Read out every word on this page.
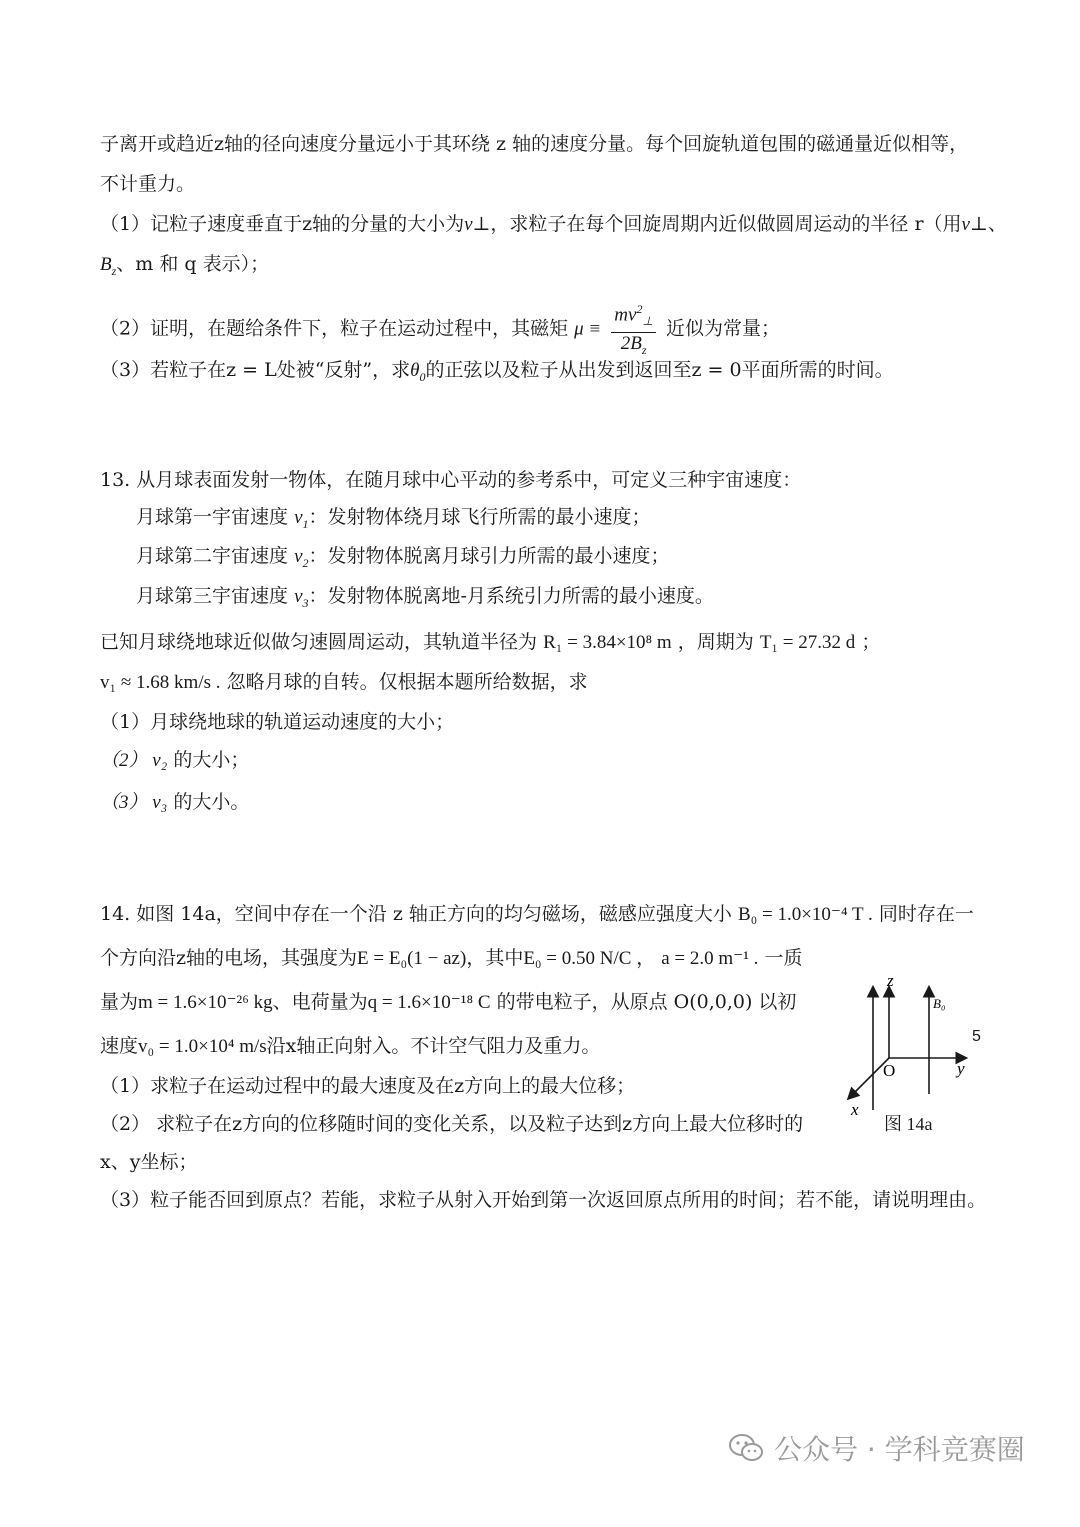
子离开或趋近z轴的径向速度分量远小于其环绕 z 轴的速度分量。每个回旋轨道包围的磁通量近似相等，
不计重力。
（1）记粒子速度垂直于z轴的分量的大小为v⊥，求粒子在每个回旋周期内近似做圆周运动的半径 r（用v⊥、
$B_z$、m 和 q 表示）；
（2）证明，在题给条件下，粒子在运动过程中，其磁矩 $\mu \equiv \frac{mv^2_\perp}{2B_z}$ 近似为常量；
（3）若粒子在z = L处被“反射”，求$\theta_0$的正弦以及粒子从出发到返回至z = 0平面所需的时间。
13. 从月球表面发射一物体，在随月球中心平动的参考系中，可定义三种宇宙速度：
月球第一宇宙速度 $v_1$：发射物体绕月球飞行所需的最小速度；
月球第二宇宙速度 $v_2$：发射物体脱离月球引力所需的最小速度；
月球第三宇宙速度 $v_3$：发射物体脱离地-月系统引力所需的最小速度。
已知月球绕地球近似做匀速圆周运动，其轨道半径为 R₁ = 3.84×10⁸ m ，周期为 T₁ = 27.32 d ；
v₁ ≈ 1.68 km/s . 忽略月球的自转。仅根据本题所给数据，求
（1）月球绕地球的轨道运动速度的大小；
（2） v₂ 的大小；
（3） v₃ 的大小。
14. 如图 14a，空间中存在一个沿 z 轴正方向的均匀磁场，磁感应强度大小 B₀ = 1.0×10⁻⁴ T . 同时存在一
个方向沿z轴的电场，其强度为E = E₀(1 − az)，其中E₀ = 0.50 N/C ， a = 2.0 m⁻¹ . 一质
量为m = 1.6×10⁻²⁶ kg、电荷量为q = 1.6×10⁻¹⁸ C 的带电粒子，从原点 O(0,0,0) 以初
速度v₀ = 1.0×10⁴ m/s沿x轴正向射入。不计空气阻力及重力。
（1）求粒子在运动过程中的最大速度及在z方向上的最大位移；
（2） 求粒子在z方向的位移随时间的变化关系，以及粒子达到z方向上最大位移时的
x、y坐标；
（3）粒子能否回到原点？若能，求粒子从射入开始到第一次返回原点所用的时间；若不能，请说明理由。
z
B₀
O	y
x
图 14a
5
公众号 · 学科竞赛圈
